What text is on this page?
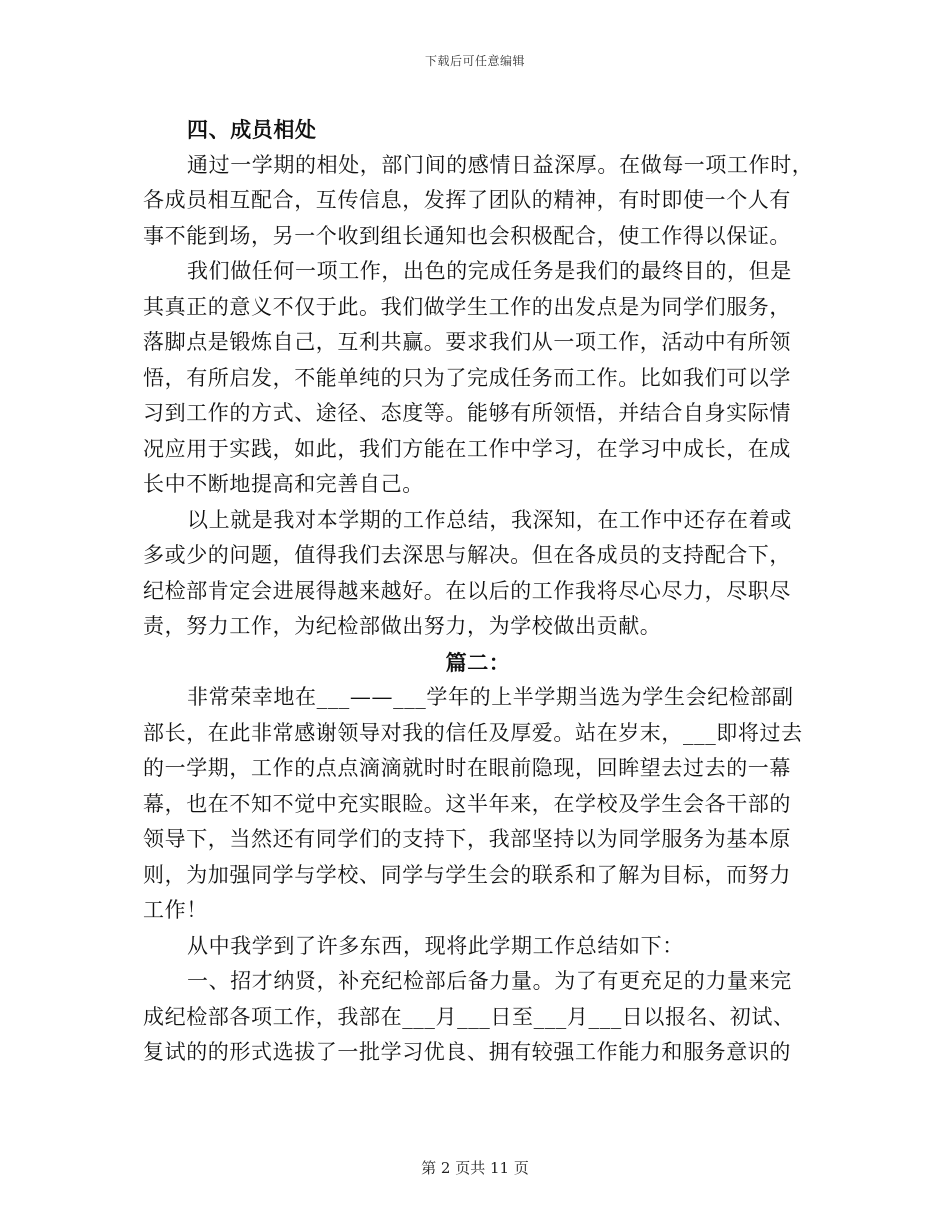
下载后可任意编辑
四、成员相处
通过一学期的相处，部门间的感情日益深厚。在做每一项工作时，
各成员相互配合，互传信息，发挥了团队的精神，有时即使一个人有
事不能到场，另一个收到组长通知也会积极配合，使工作得以保证。
我们做任何一项工作，出色的完成任务是我们的最终目的，但是
其真正的意义不仅于此。我们做学生工作的出发点是为同学们服务，
落脚点是锻炼自己，互利共赢。要求我们从一项工作，活动中有所领
悟，有所启发，不能单纯的只为了完成任务而工作。比如我们可以学
习到工作的方式、途径、态度等。能够有所领悟，并结合自身实际情
况应用于实践，如此，我们方能在工作中学习，在学习中成长，在成
长中不断地提高和完善自己。
以上就是我对本学期的工作总结，我深知，在工作中还存在着或
多或少的问题，值得我们去深思与解决。但在各成员的支持配合下，
纪检部肯定会进展得越来越好。在以后的工作我将尽心尽力，尽职尽
责，努力工作，为纪检部做出努力，为学校做出贡献。
篇二：
非常荣幸地在___——___学年的上半学期当选为学生会纪检部副
部长，在此非常感谢领导对我的信任及厚爱。站在岁末，___即将过去
的一学期，工作的点点滴滴就时时在眼前隐现，回眸望去过去的一幕
幕，也在不知不觉中充实眼睑。这半年来，在学校及学生会各干部的
领导下，当然还有同学们的支持下，我部坚持以为同学服务为基本原
则，为加强同学与学校、同学与学生会的联系和了解为目标，而努力
工作！
从中我学到了许多东西，现将此学期工作总结如下：
一、招才纳贤，补充纪检部后备力量。为了有更充足的力量来完
成纪检部各项工作，我部在___月___日至___月___日以报名、初试、
复试的的形式选拔了一批学习优良、拥有较强工作能力和服务意识的
第 2 页共 11 页
